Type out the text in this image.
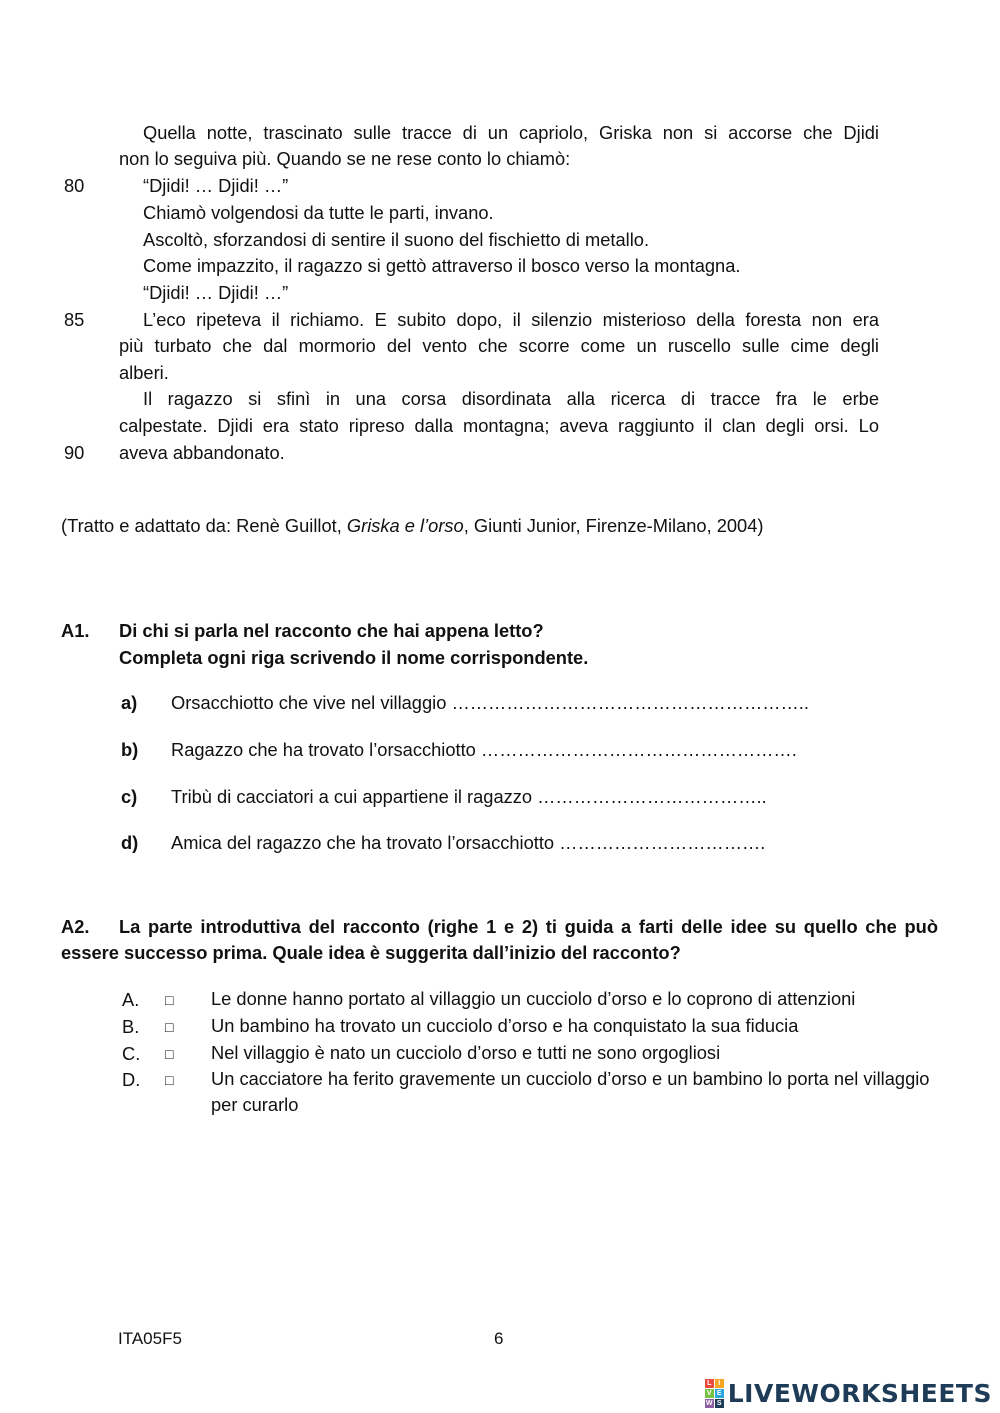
Quella notte, trascinato sulle tracce di un capriolo, Griska non si accorse che Djidi
non lo seguiva più. Quando se ne rese conto lo chiamò:
80	“Djidi! … Djidi! …”
Chiamò volgendosi da tutte le parti, invano.
Ascoltò, sforzandosi di sentire il suono del fischietto di metallo.
Come impazzito, il ragazzo si gettò attraverso il bosco verso la montagna.
“Djidi! … Djidi! …”
85	L’eco ripeteva il richiamo. E subito dopo, il silenzio misterioso della foresta non era
più turbato che dal mormorio del vento che scorre come un ruscello sulle cime degli
alberi.
Il ragazzo si sfinì in una corsa disordinata alla ricerca di tracce fra le erbe
calpestate. Djidi era stato ripreso dalla montagna; aveva raggiunto il clan degli orsi. Lo
90 aveva abbandonato.
(Tratto e adattato da: Renè Guillot, Griska e l’orso, Giunti Junior, Firenze-Milano, 2004)
A1. Di chi si parla nel racconto che hai appena letto?
Completa ogni riga scrivendo il nome corrispondente.
a) Orsacchiotto che vive nel villaggio …………………………………………………..
b) Ragazzo che ha trovato l’orsacchiotto …………………………………………….
c) Tribù di cacciatori a cui appartiene il ragazzo ………………………………..
d) Amica del ragazzo che ha trovato l’orsacchiotto …………………………….
A2. La parte introduttiva del racconto (righe 1 e 2) ti guida a farti delle idee su quello che può
essere successo prima. Quale idea è suggerita dall’inizio del racconto?
A. □ Le donne hanno portato al villaggio un cucciolo d’orso e lo coprono di attenzioni
B. □ Un bambino ha trovato un cucciolo d’orso e ha conquistato la sua fiducia
C. □ Nel villaggio è nato un cucciolo d’orso e tutti ne sono orgogliosi
D. □ Un cacciatore ha ferito gravemente un cucciolo d’orso e un bambino lo porta nel villaggio per curarlo
ITA05F5	6
L I
V E
W S LIVEWORKSHEETS
